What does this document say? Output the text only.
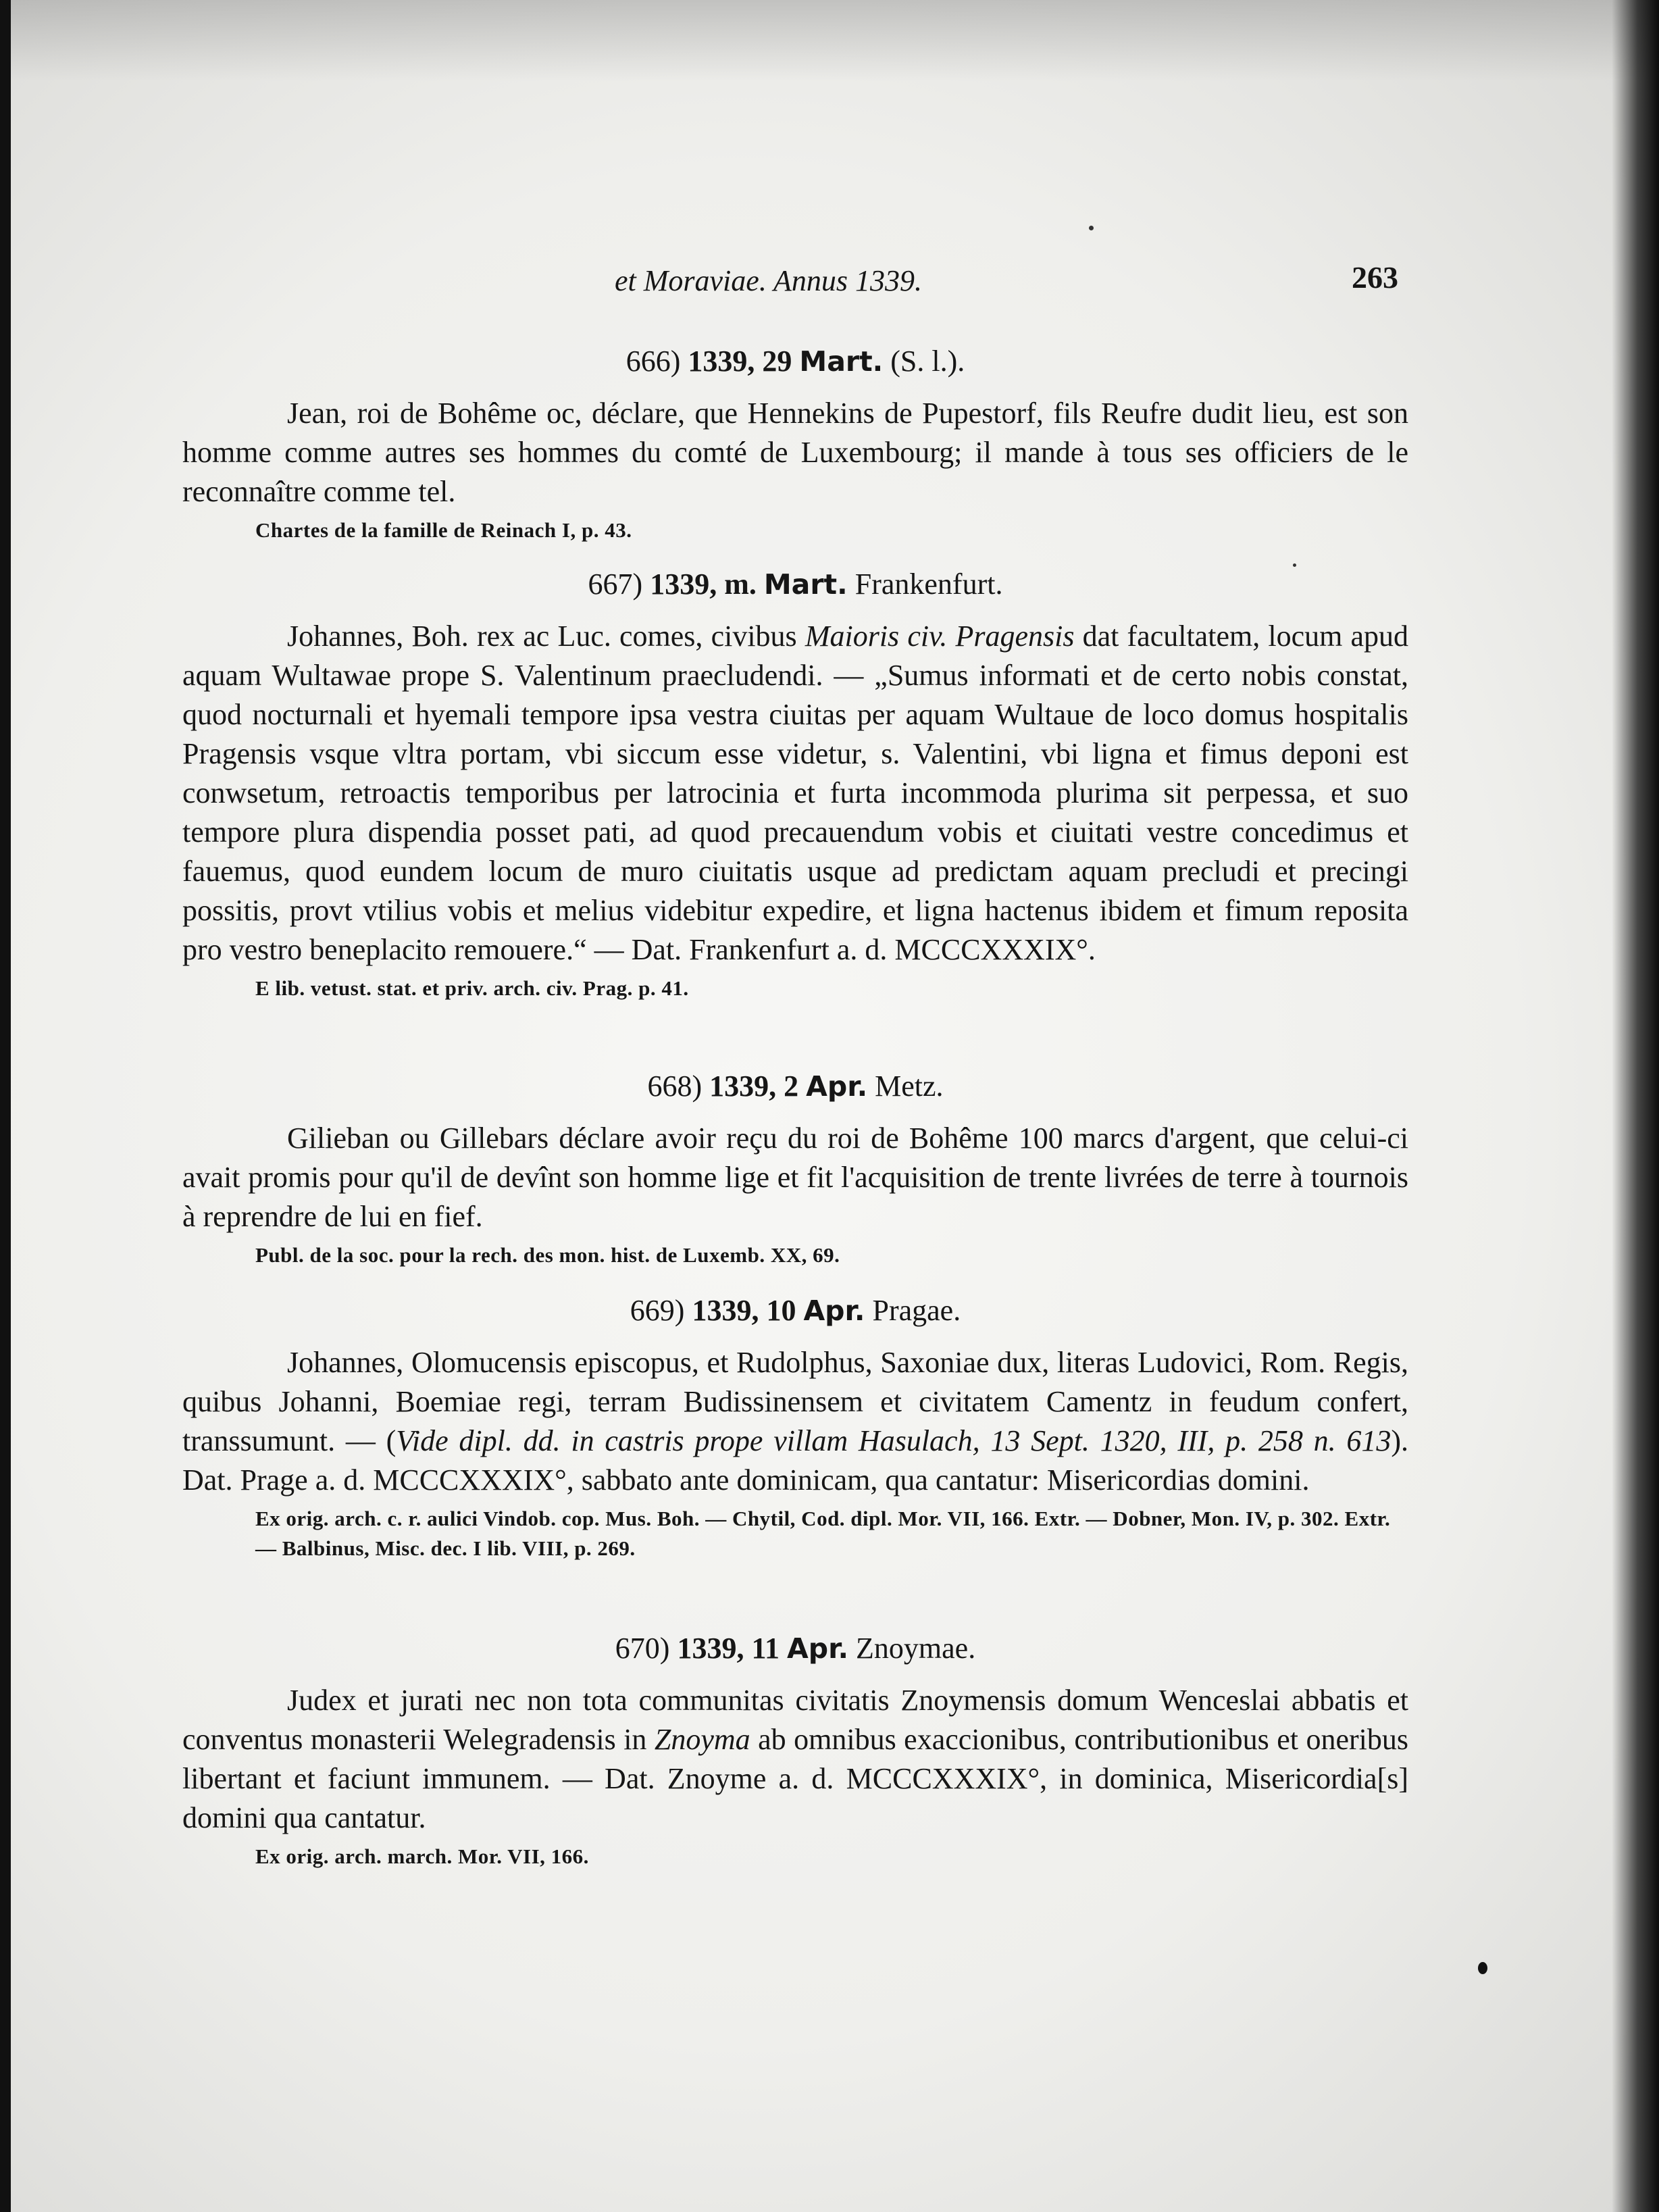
et Moraviae. Annus 1339.	263
666) 1339, 29 Mart. (S. l.).

Jean, roi de Bohême oc, déclare, que Hennekins de Pupestorf, fils Reufre dudit lieu, est son homme comme autres ses hommes du comté de Luxembourg; il mande à tous ses officiers de le reconnaître comme tel.

Chartes de la famille de Reinach I, p. 43.
667) 1339, m. Mart. Frankenfurt.

Johannes, Boh. rex ac Luc. comes, civibus Maioris civ. Pragensis dat facultatem, locum apud aquam Wultawae prope S. Valentinum praecludendi. — „Sumus informati et de certo nobis constat, quod nocturnali et hyemali tempore ipsa vestra ciuitas per aquam Wultaue de loco domus hospitalis Pragensis vsque vltra portam, vbi siccum esse videtur, s. Valentini, vbi ligna et fimus deponi est conwsetum, retroactis temporibus per latrocinia et furta incommoda plurima sit perpessa, et suo tempore plura dispendia posset pati, ad quod precauendum vobis et ciuitati vestre concedimus et fauemus, quod eundem locum de muro ciuitatis usque ad predictam aquam precludi et precingi possitis, provt vtilius vobis et melius videbitur expedire, et ligna hactenus ibidem et fimum reposita pro vestro beneplacito remouere.“ — Dat. Frankenfurt a. d. MCCCXXXIX°.

E lib. vetust. stat. et priv. arch. civ. Prag. p. 41.
668) 1339, 2 Apr. Metz.

Gilieban ou Gillebars déclare avoir reçu du roi de Bohême 100 marcs d'argent, que celui-ci avait promis pour qu'il de devînt son homme lige et fit l'acquisition de trente livrées de terre à tournois à reprendre de lui en fief.

Publ. de la soc. pour la rech. des mon. hist. de Luxemb. XX, 69.
669) 1339, 10 Apr. Pragae.

Johannes, Olomucensis episcopus, et Rudolphus, Saxoniae dux, literas Ludovici, Rom. Regis, quibus Johanni, Boemiae regi, terram Budissinensem et civitatem Camentz in feudum confert, transsumunt. — (Vide dipl. dd. in castris prope villam Hasulach, 13 Sept. 1320, III, p. 258 n. 613). Dat. Prage a. d. MCCCXXXIX°, sabbato ante dominicam, qua cantatur: Misericordias domini.

Ex orig. arch. c. r. aulici Vindob. cop. Mus. Boh. — Chytil, Cod. dipl. Mor. VII, 166. Extr. — Dobner, Mon. IV, p. 302. Extr. — Balbinus, Misc. dec. I lib. VIII, p. 269.
670) 1339, 11 Apr. Znoymae.

Judex et jurati nec non tota communitas civitatis Znoymensis domum Wenceslai abbatis et conventus monasterii Welegradensis in Znoyma ab omnibus exaccionibus, contributionibus et oneribus libertant et faciunt immunem. — Dat. Znoyme a. d. MCCCXXXIX°, in dominica, Misericordia[s] domini qua cantatur.

Ex orig. arch. march. Mor. VII, 166.
